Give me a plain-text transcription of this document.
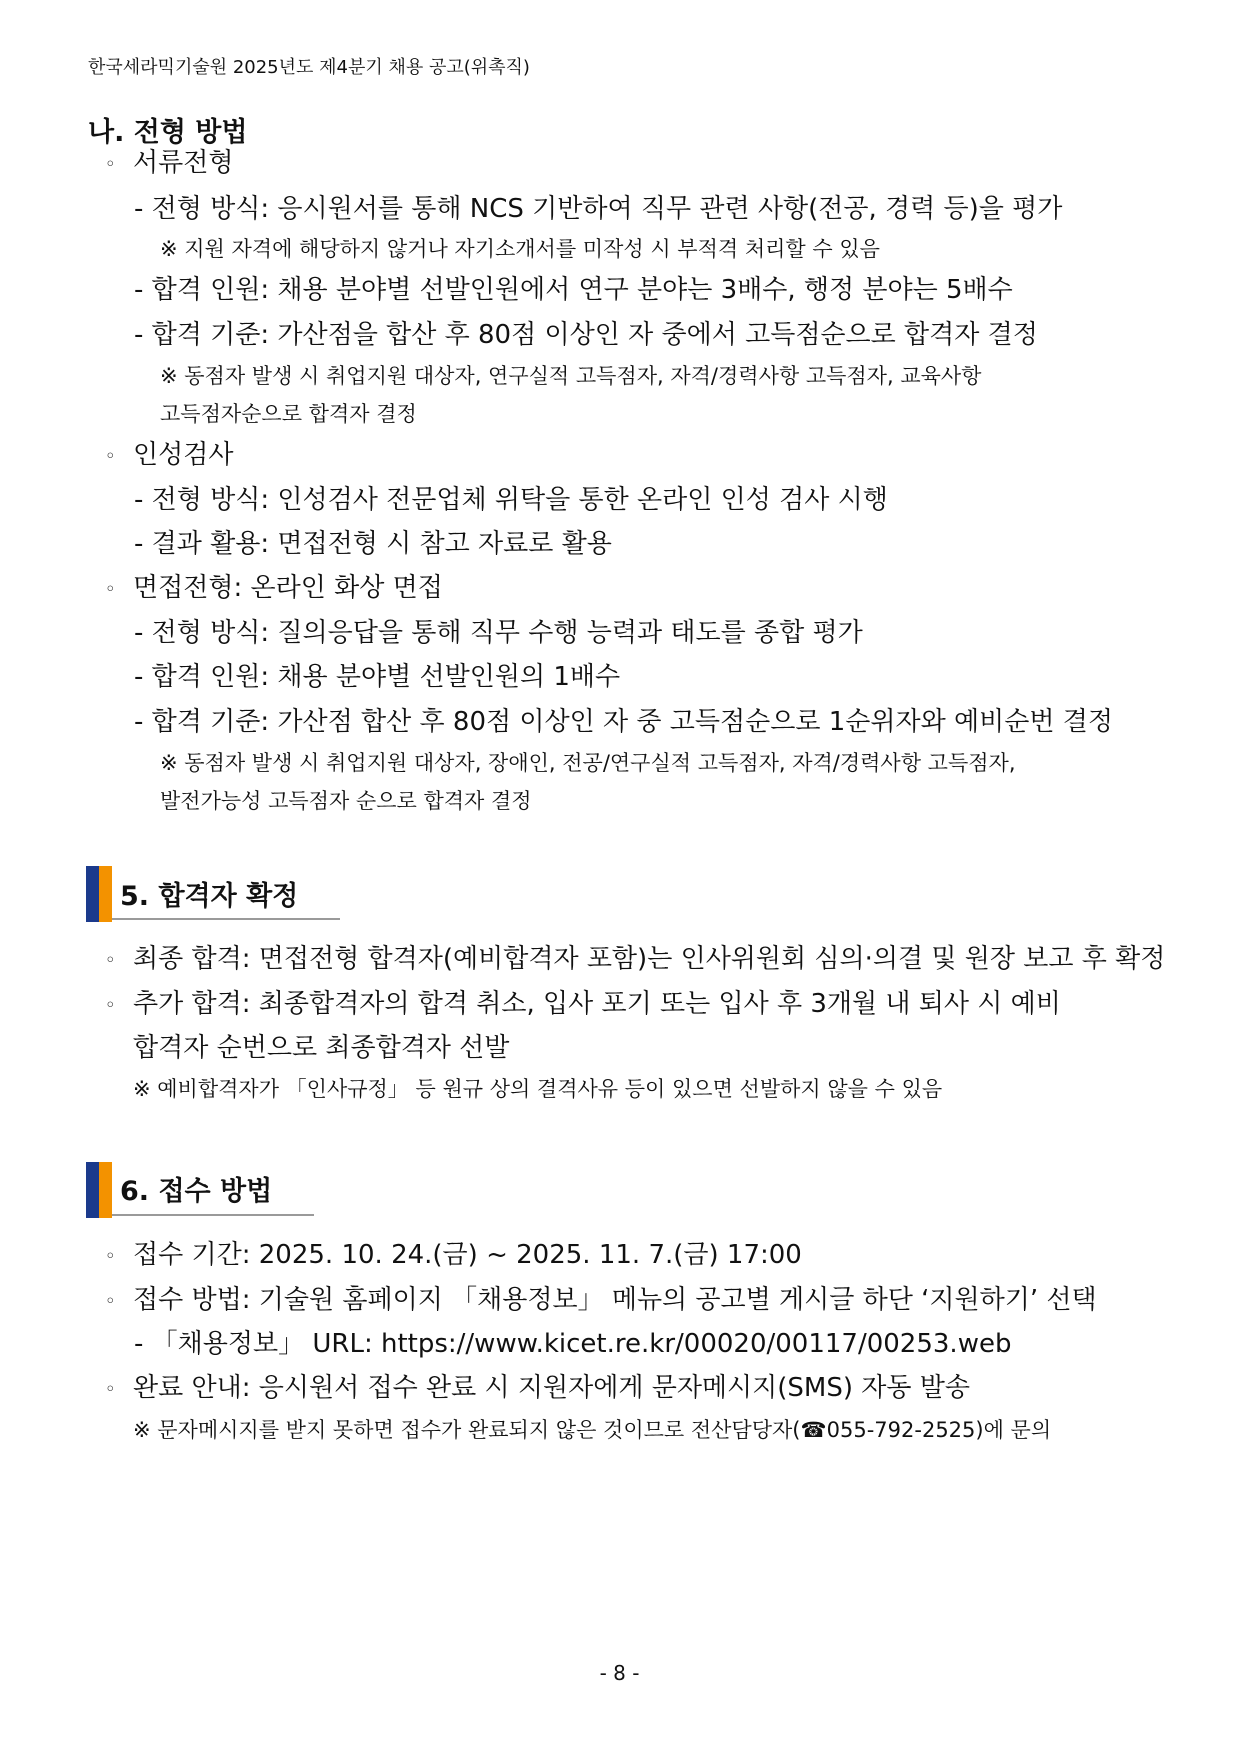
한국세라믹기술원 2025년도 제4분기 채용 공고(위촉직)
나. 전형 방법
◦ 서류전형
- 전형 방식: 응시원서를 통해 NCS 기반하여 직무 관련 사항(전공, 경력 등)을 평가
※ 지원 자격에 해당하지 않거나 자기소개서를 미작성 시 부적격 처리할 수 있음
- 합격 인원: 채용 분야별 선발인원에서 연구 분야는 3배수, 행정 분야는 5배수
- 합격 기준: 가산점을 합산 후 80점 이상인 자 중에서 고득점순으로 합격자 결정
※ 동점자 발생 시 취업지원 대상자, 연구실적 고득점자, 자격/경력사항 고득점자, 교육사항
고득점자순으로 합격자 결정
◦ 인성검사
- 전형 방식: 인성검사 전문업체 위탁을 통한 온라인 인성 검사 시행
- 결과 활용: 면접전형 시 참고 자료로 활용
◦ 면접전형: 온라인 화상 면접
- 전형 방식: 질의응답을 통해 직무 수행 능력과 태도를 종합 평가
- 합격 인원: 채용 분야별 선발인원의 1배수
- 합격 기준: 가산점 합산 후 80점 이상인 자 중 고득점순으로 1순위자와 예비순번 결정
※ 동점자 발생 시 취업지원 대상자, 장애인, 전공/연구실적 고득점자, 자격/경력사항 고득점자,
발전가능성 고득점자 순으로 합격자 결정
5. 합격자 확정
◦ 최종 합격: 면접전형 합격자(예비합격자 포함)는 인사위원회 심의·의결 및 원장 보고 후 확정
◦ 추가 합격: 최종합격자의 합격 취소, 입사 포기 또는 입사 후 3개월 내 퇴사 시 예비
합격자 순번으로 최종합격자 선발
※ 예비합격자가 「인사규정」 등 원규 상의 결격사유 등이 있으면 선발하지 않을 수 있음
6. 접수 방법
◦ 접수 기간: 2025. 10. 24.(금) ~ 2025. 11. 7.(금) 17:00
◦ 접수 방법: 기술원 홈페이지 「채용정보」 메뉴의 공고별 게시글 하단 ‘지원하기’ 선택
- 「채용정보」 URL: https://www.kicet.re.kr/00020/00117/00253.web
◦ 완료 안내: 응시원서 접수 완료 시 지원자에게 문자메시지(SMS) 자동 발송
※ 문자메시지를 받지 못하면 접수가 완료되지 않은 것이므로 전산담당자(☎055-792-2525)에 문의
- 8 -
